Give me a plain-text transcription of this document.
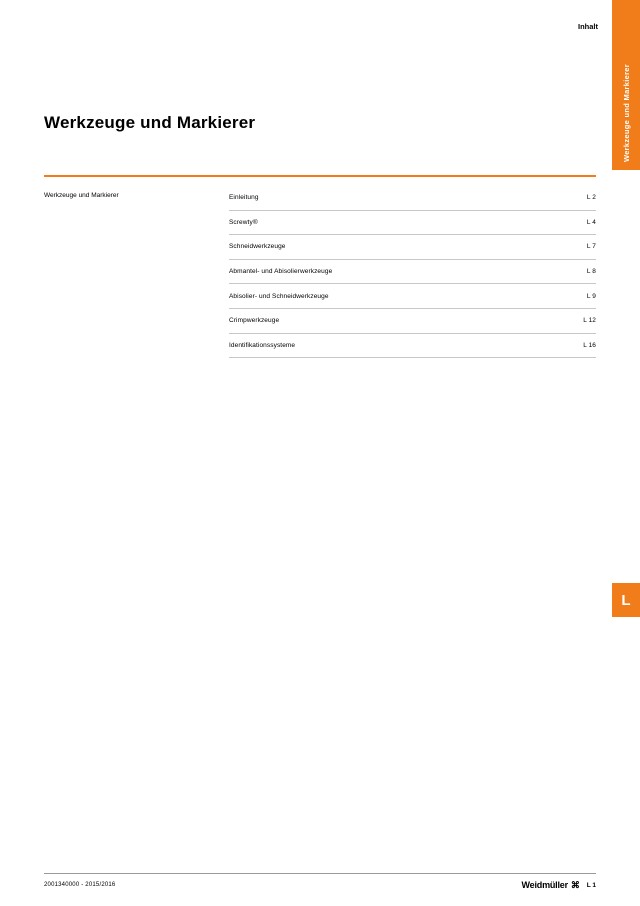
Werkzeuge und Markierer
L
Inhalt
Werkzeuge und Markierer
Werkzeuge und Markierer	Einleitung	L 2
Screwty®	L 4
Schneidwerkzeuge	L 7
Abmantel- und Abisolierwerkzeuge	L 8
Abisolier- und Schneidwerkzeuge	L 9
Crimpwerkzeuge	L 12
Identifikationssysteme	L 16
2001340000 - 2015/2016	Weidmüller ⌘ L 1
